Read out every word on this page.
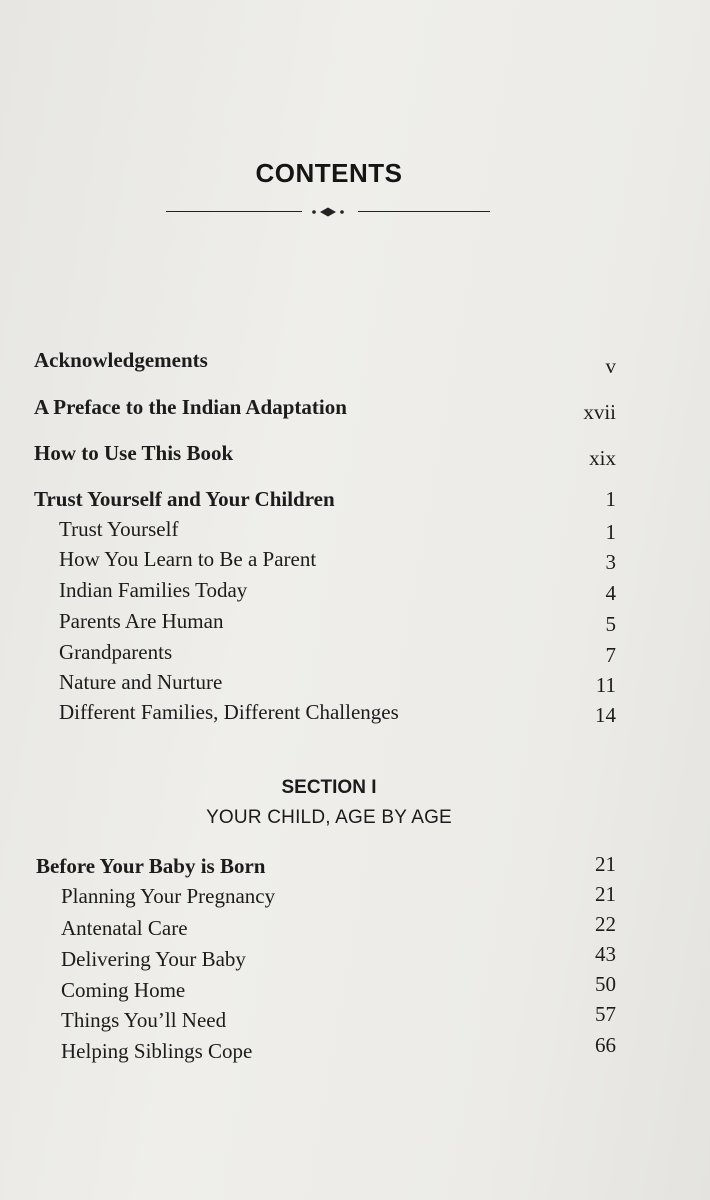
CONTENTS
Acknowledgements	v
A Preface to the Indian Adaptation	xvii
How to Use This Book	xix
Trust Yourself and Your Children	1
Trust Yourself	1
How You Learn to Be a Parent	3
Indian Families Today	4
Parents Are Human	5
Grandparents	7
Nature and Nurture	11
Different Families, Different Challenges	14
SECTION I
YOUR CHILD, AGE BY AGE
Before Your Baby is Born	21
Planning Your Pregnancy	21
Antenatal Care	22
Delivering Your Baby	43
Coming Home	50
Things You’ll Need	57
Helping Siblings Cope	66
